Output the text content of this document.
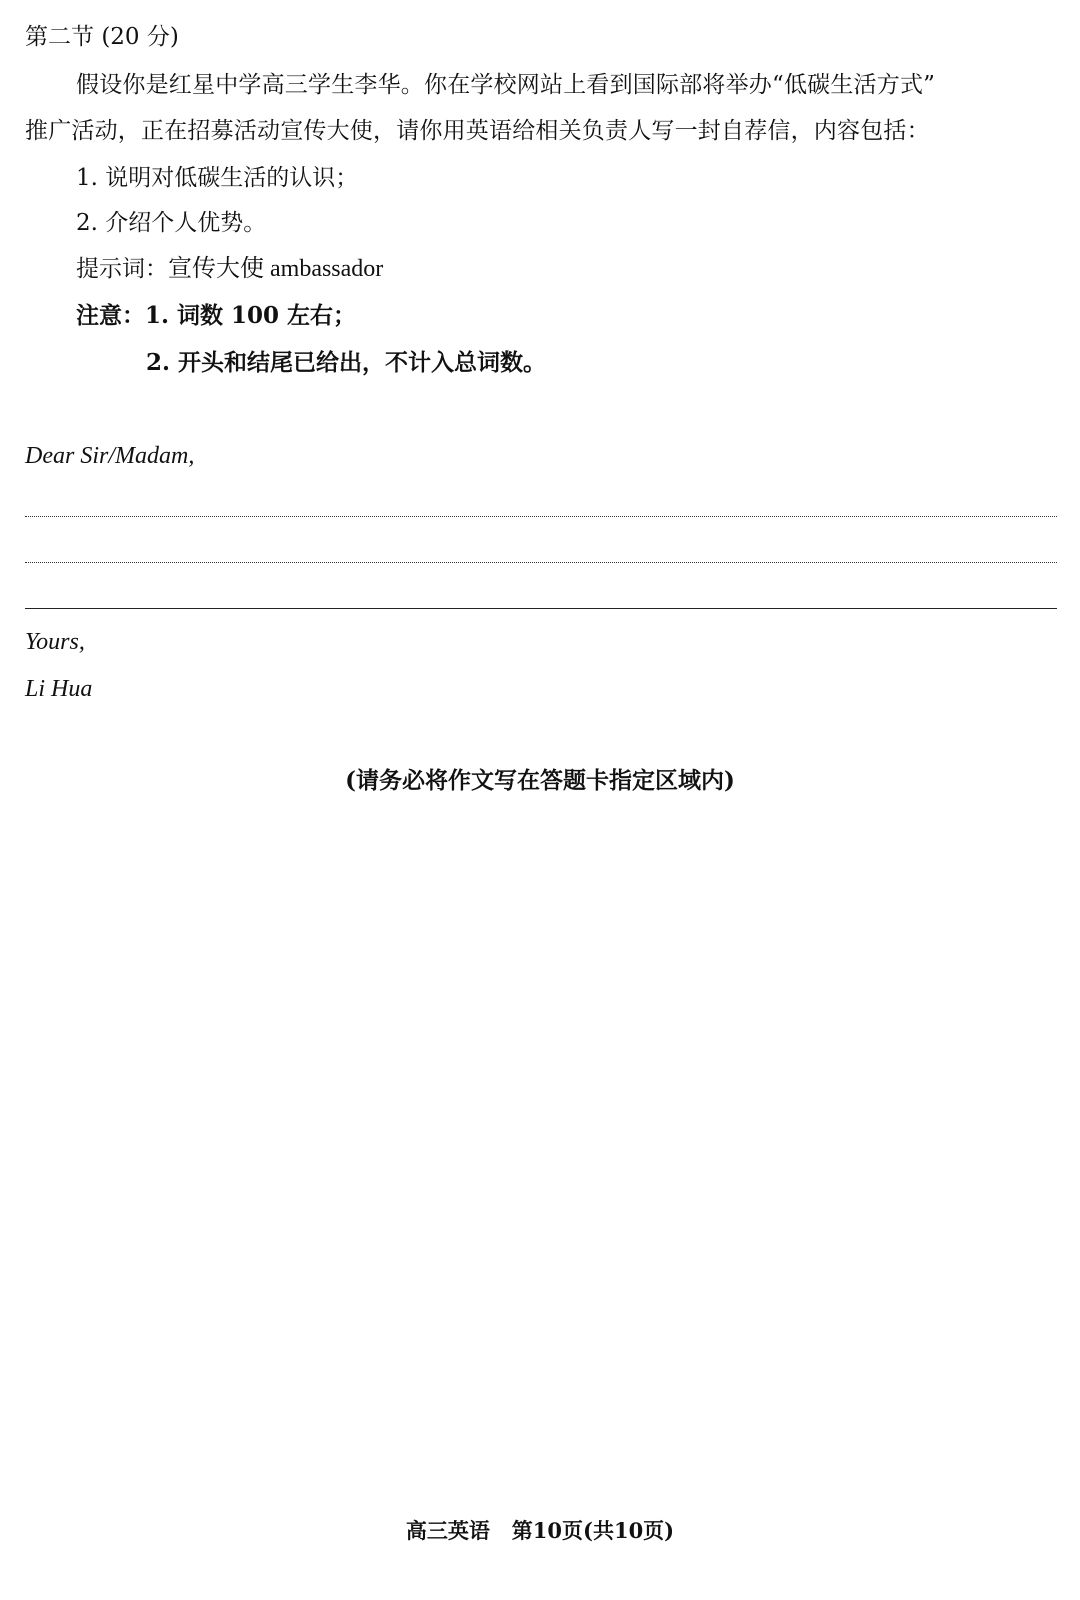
第二节 (20 分)
假设你是红星中学高三学生李华。你在学校网站上看到国际部将举办“低碳生活方式”
推广活动，正在招募活动宣传大使，请你用英语给相关负责人写一封自荐信，内容包括：
1. 说明对低碳生活的认识；
2. 介绍个人优势。
提示词：宣传大使 ambassador
注意：1. 词数 100 左右；
2. 开头和结尾已给出，不计入总词数。
Dear Sir/Madam,
Yours,
Li Hua
(请务必将作文写在答题卡指定区域内)
高三英语 第10页(共10页)
